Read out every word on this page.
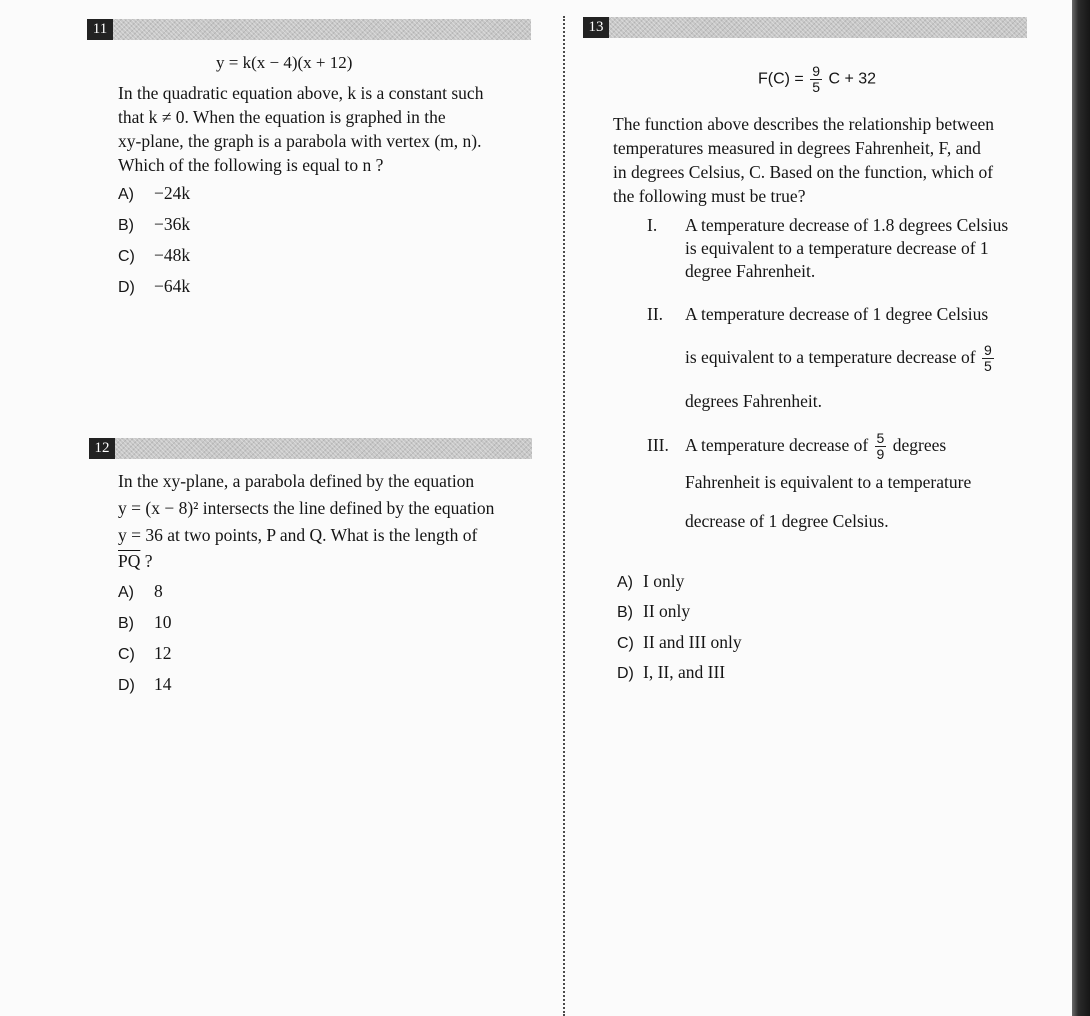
11
y = k(x − 4)(x + 12)
In the quadratic equation above, k is a constant such
that k ≠ 0. When the equation is graphed in the
xy-plane, the graph is a parabola with vertex (m, n).
Which of the following is equal to n ?
A) −24k
B) −36k
C) −48k
D) −64k
12
In the xy-plane, a parabola defined by the equation
y = (x − 8)² intersects the line defined by the equation
y = 36 at two points, P and Q. What is the length of
$\overline{PQ}$ ?
A) 8
B) 10
C) 12
D) 14
13
$F(C) = \frac{9}{5}$ C + 32
The function above describes the relationship between
temperatures measured in degrees Fahrenheit, F, and
in degrees Celsius, C. Based on the function, which of
the following must be true?
I. A temperature decrease of 1.8 degrees Celsius
is equivalent to a temperature decrease of 1
degree Fahrenheit.
II. A temperature decrease of 1 degree Celsius
is equivalent to a temperature decrease of $\frac{9}{5}$
degrees Fahrenheit.
III. A temperature decrease of $\frac{5}{9}$ degrees
Fahrenheit is equivalent to a temperature
decrease of 1 degree Celsius.
A) I only
B) II only
C) II and III only
D) I, II, and III
